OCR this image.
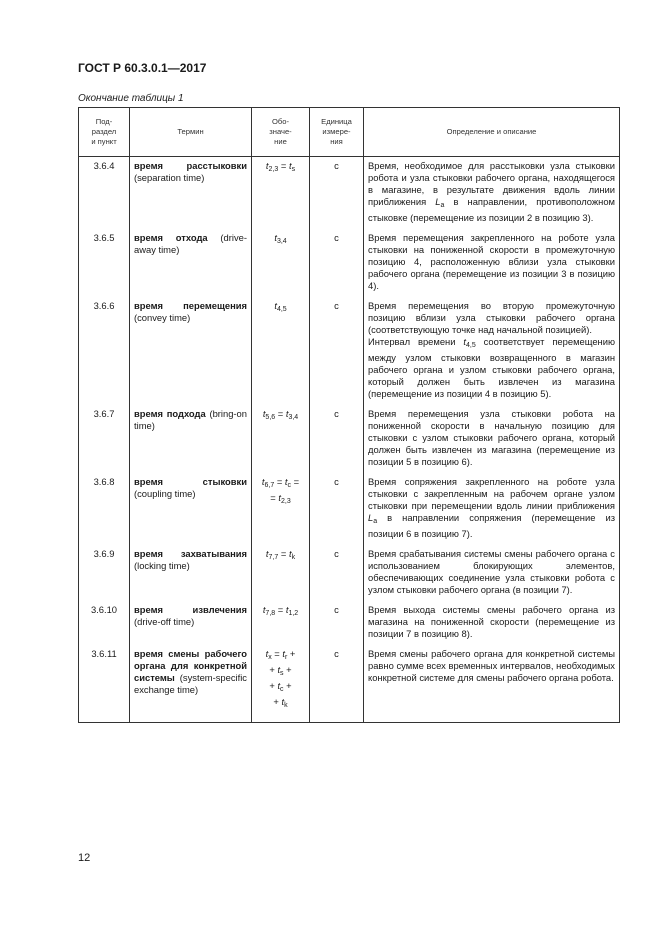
ГОСТ Р 60.3.0.1—2017
Окончание таблицы 1
Под-
раздел
и пункт	Термин	Обо-
значе-
ние	Единица
измере-
ния	Определение и описание
3.6.4	время расстыковки (separation time)	$t_{2,3} = t_s$	с	Время, необходимое для расстыковки узла стыковки робота и узла стыковки рабочего органа, находящегося в магазине, в результате движения вдоль линии приближения $L_a$ в направлении, противоположном стыковке (перемещение из позиции 2 в позицию 3).
3.6.5	время отхода (drive-away time)	$t_{3,4}$	с	Время перемещения закрепленного на роботе узла стыковки на пониженной скорости в промежуточную позицию 4, расположенную вблизи узла стыковки рабочего органа (перемещение из позиции 3 в позицию 4).
3.6.6	время перемещения (convey time)	$t_{4,5}$	с	Время перемещения во вторую промежуточную позицию вблизи узла стыковки рабочего органа (соответствующую точке над начальной позицией).
Интервал времени $t_{4,5}$ соответствует перемещению между узлом стыковки возвращенного в магазин рабочего органа и узлом стыковки рабочего органа, который должен быть извлечен из магазина (перемещение из позиции 4 в позицию 5).
3.6.7	время подхода (bring-on time)	$t_{5,6} = t_{3,4}$	с	Время перемещения узла стыковки робота на пониженной скорости в начальную позицию для стыковки с узлом стыковки рабочего органа, который должен быть извлечен из магазина (перемещение из позиции 5 в позицию 6).
3.6.8	время стыковки (coupling time)	$t_{6,7} = t_c$ =
= $t_{2,3}$	с	Время сопряжения закрепленного на роботе узла стыковки с закрепленным на рабочем органе узлом стыковки при перемещении вдоль линии приближения $L_a$ в направлении сопряжения (перемещение из позиции 6 в позицию 7).
3.6.9	время захватывания (locking time)	$t_{7,7} = t_k$	с	Время срабатывания системы смены рабочего органа с использованием блокирующих элементов, обеспечивающих соединение узла стыковки робота с узлом стыковки рабочего органа (в позиции 7).
3.6.10	время извлечения (drive-off time)	$t_{7,8} = t_{1,2}$	с	Время выхода системы смены рабочего органа из магазина на пониженной скорости (перемещение из позиции 7 в позицию 8).
3.6.11	время смены рабочего органа для конкретной системы (system-specific exchange time)	$t_x = t_r$ +
+ $t_s$ +
+ $t_c$ +
+ $t_k$	с	Время смены рабочего органа для конкретной системы равно сумме всех временных интервалов, необходимых конкретной системе для смены рабочего органа робота.
12
